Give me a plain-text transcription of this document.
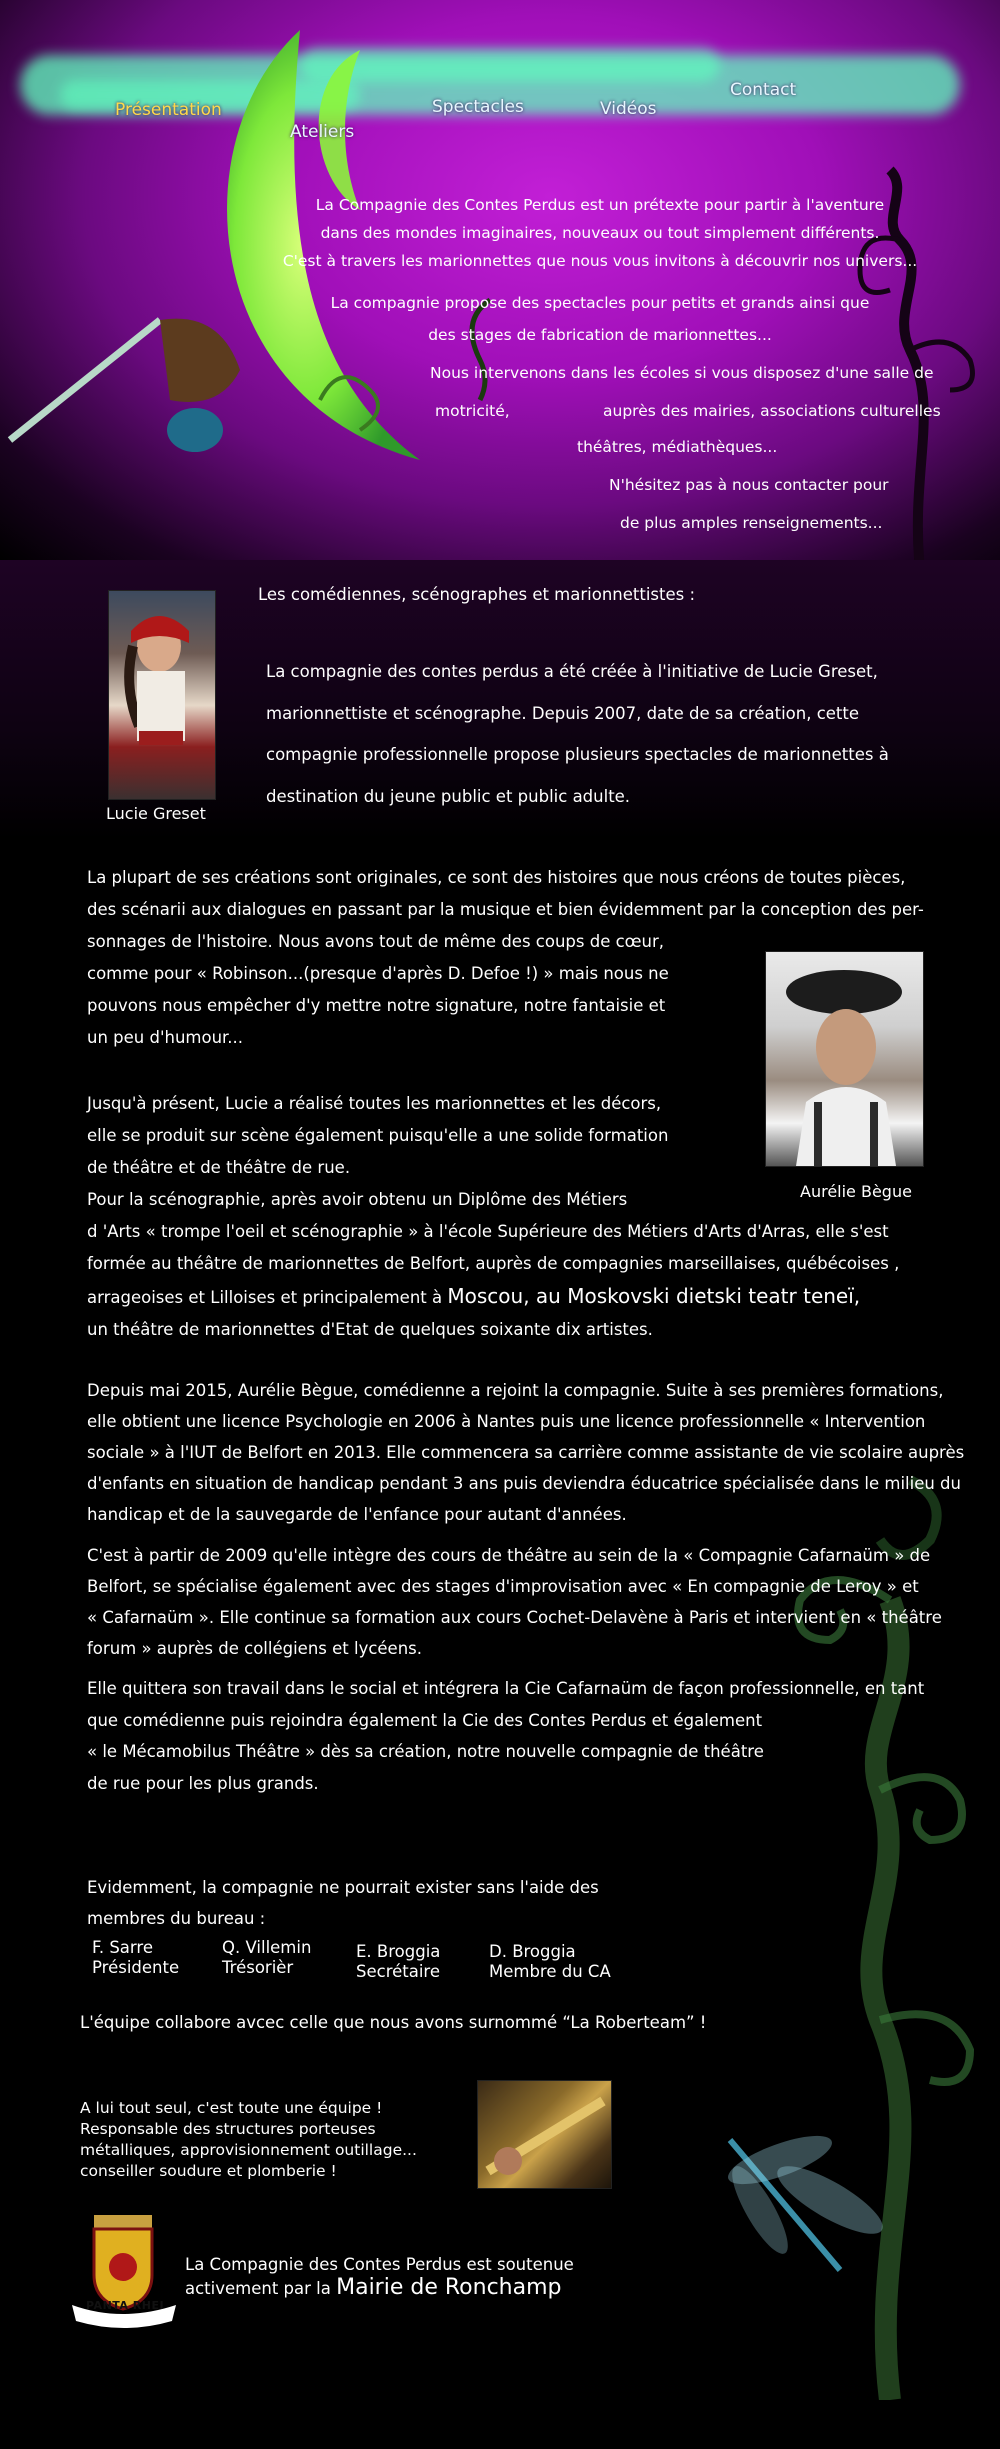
Présentation
Ateliers
Spectacles	Vidéos
Contact
La Compagnie des Contes Perdus est un prétexte pour partir à l'aventure
dans des mondes imaginaires, nouveaux ou tout simplement différents.
C'est à travers les marionnettes que nous vous invitons à découvrir nos univers...
La compagnie propose des spectacles pour petits et grands ainsi que
des stages de fabrication de marionnettes...
Nous intervenons dans les écoles si vous disposez d'une salle de
motricité,	auprès des mairies, associations culturelles
théâtres, médiathèques...
N'hésitez pas à nous contacter pour
de plus amples renseignements...
Les comédiennes, scénographes et marionnettistes :
Lucie Greset
La compagnie des contes perdus a été créée à l'initiative de Lucie Greset,
marionnettiste et scénographe. Depuis 2007, date de sa création, cette
compagnie professionnelle propose plusieurs spectacles de marionnettes à
destination du jeune public et public adulte.
La plupart de ses créations sont originales, ce sont des histoires que nous créons de toutes pièces,
des scénarii aux dialogues en passant par la musique et bien évidemment par la conception des per-
sonnages de l'histoire. Nous avons tout de même des coups de cœur,
comme pour « Robinson...(presque d'après D. Defoe !) » mais nous ne
pouvons nous empêcher d'y mettre notre signature, notre fantaisie et
un peu d'humour...
Aurélie Bègue
Jusqu'à présent, Lucie a réalisé toutes les marionnettes et les décors,
elle se produit sur scène également puisqu'elle a une solide formation
de théâtre et de théâtre de rue.
Pour la scénographie, après avoir obtenu un Diplôme des Métiers
d 'Arts « trompe l'oeil et scénographie » à l'école Supérieure des Métiers d'Arts d'Arras, elle s'est
formée au théâtre de marionnettes de Belfort, auprès de compagnies marseillaises, québécoises ,
arrageoises et Lilloises et principalement à Moscou, au Moskovski dietski teatr teneï,
un théâtre de marionnettes d'Etat de quelques soixante dix artistes.
Depuis mai 2015, Aurélie Bègue, comédienne a rejoint la compagnie. Suite à ses premières formations,
elle obtient une licence Psychologie en 2006 à Nantes puis une licence professionnelle « Intervention
sociale » à l'IUT de Belfort en 2013. Elle commencera sa carrière comme assistante de vie scolaire auprès
d'enfants en situation de handicap pendant 3 ans puis deviendra éducatrice spécialisée dans le milieu du
handicap et de la sauvegarde de l'enfance pour autant d'années.
C'est à partir de 2009 qu'elle intègre des cours de théâtre au sein de la « Compagnie Cafarnaüm » de
Belfort, se spécialise également avec des stages d'improvisation avec « En compagnie de Leroy » et
« Cafarnaüm ». Elle continue sa formation aux cours Cochet-Delavène à Paris et intervient en « théâtre
forum » auprès de collégiens et lycéens.
Elle quittera son travail dans le social et intégrera la Cie Cafarnaüm de façon professionnelle, en tant
que comédienne puis rejoindra également la Cie des Contes Perdus et également
« le Mécamobilus Théâtre » dès sa création, notre nouvelle compagnie de théâtre
de rue pour les plus grands.
Evidemment, la compagnie ne pourrait exister sans l'aide des
membres du bureau :
F. Sarre
Présidente
Q. Villemin
Trésorièr
E. Broggia
Secrétaire
D. Broggia
Membre du CA
L'équipe collabore avcec celle que nous avons surnommé “La Roberteam” !
A lui tout seul, c'est toute une équipe !
Responsable des structures porteuses
métalliques, approvisionnement outillage...
conseiller soudure et plomberie !
PANTA RHEI
La Compagnie des Contes Perdus est soutenue
activement par la Mairie de Ronchamp
